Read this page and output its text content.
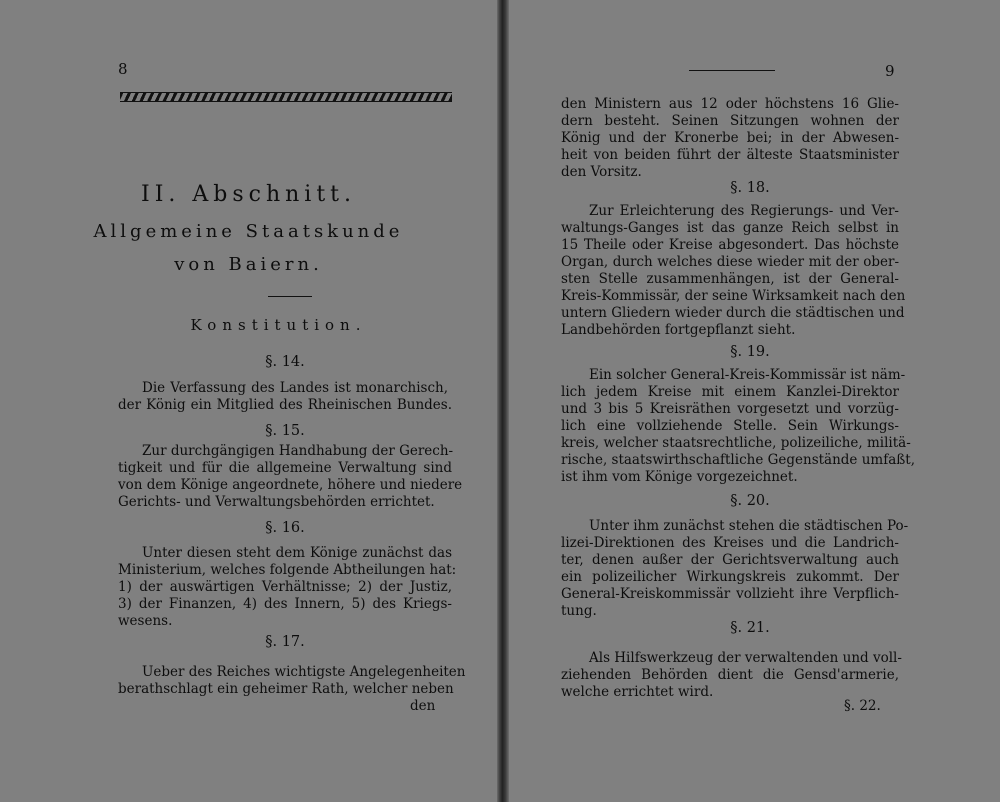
8
II. Abschnitt.
Allgemeine Staatskunde
von Baiern.
Konstitution.
§. 14.
Die Verfassung des Landes ist monarchisch,
der König ein Mitglied des Rheinischen Bundes.
§. 15.
Zur durchgängigen Handhabung der Gerech-
tigkeit und für die allgemeine Verwaltung sind
von dem Könige angeordnete, höhere und niedere
Gerichts- und Verwaltungsbehörden errichtet.
§. 16.
Unter diesen steht dem Könige zunächst das
Ministerium, welches folgende Abtheilungen hat:
1) der auswärtigen Verhältnisse; 2) der Justiz,
3) der Finanzen, 4) des Innern, 5) des Kriegs-
wesens.
§. 17.
Ueber des Reiches wichtigste Angelegenheiten
berathschlagt ein geheimer Rath, welcher neben
den
9
den Ministern aus 12 oder höchstens 16 Glie-
dern besteht. Seinen Sitzungen wohnen der
König und der Kronerbe bei; in der Abwesen-
heit von beiden führt der älteste Staatsminister
den Vorsitz.
§. 18.
Zur Erleichterung des Regierungs- und Ver-
waltungs-Ganges ist das ganze Reich selbst in
15 Theile oder Kreise abgesondert. Das höchste
Organ, durch welches diese wieder mit der ober-
sten Stelle zusammenhängen, ist der General-
Kreis-Kommissär, der seine Wirksamkeit nach den
untern Gliedern wieder durch die städtischen und
Landbehörden fortgepflanzt sieht.
§. 19.
Ein solcher General-Kreis-Kommissär ist näm-
lich jedem Kreise mit einem Kanzlei-Direktor
und 3 bis 5 Kreisräthen vorgesetzt und vorzüg-
lich eine vollziehende Stelle. Sein Wirkungs-
kreis, welcher staatsrechtliche, polizeiliche, militä-
rische, staatswirthschaftliche Gegenstände umfaßt,
ist ihm vom Könige vorgezeichnet.
§. 20.
Unter ihm zunächst stehen die städtischen Po-
lizei-Direktionen des Kreises und die Landrich-
ter, denen außer der Gerichtsverwaltung auch
ein polizeilicher Wirkungskreis zukommt. Der
General-Kreiskommissär vollzieht ihre Verpflich-
tung.
§. 21.
Als Hilfswerkzeug der verwaltenden und voll-
ziehenden Behörden dient die Gensd'armerie,
welche errichtet wird.
§. 22.
